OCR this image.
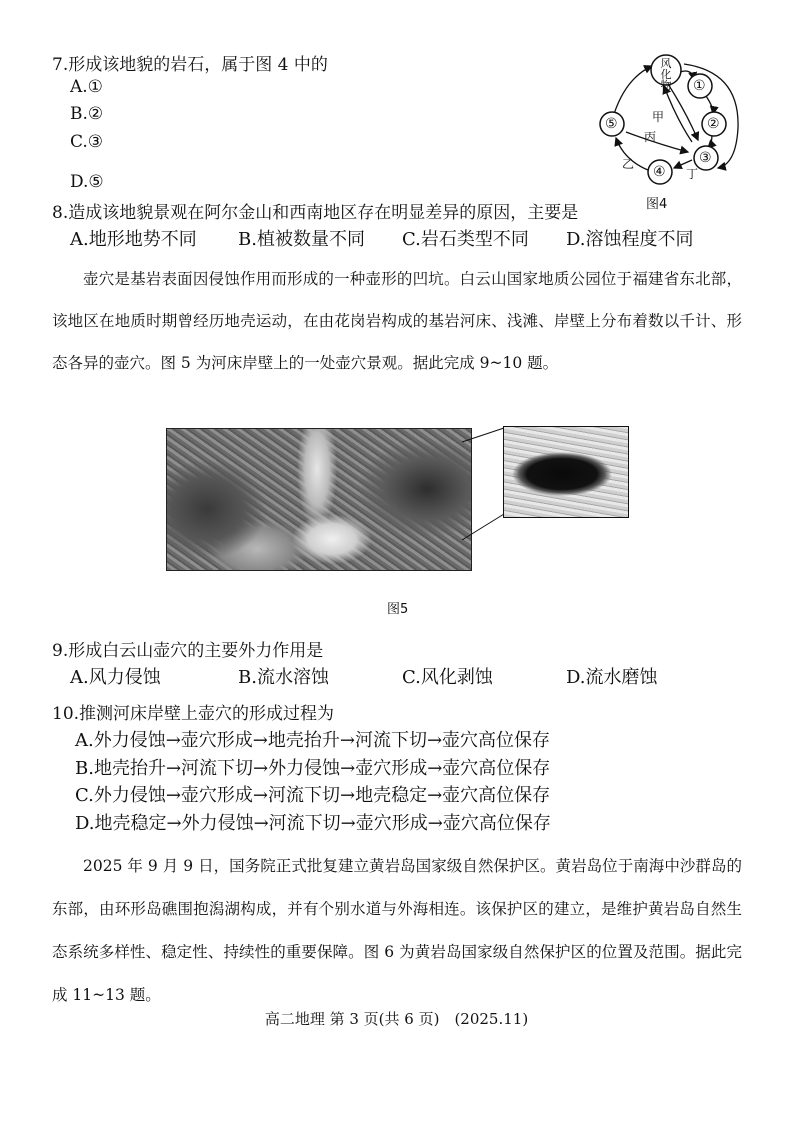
7.形成该地貌的岩石，属于图 4 中的
A.①
B.②
C.③
D.⑤
风化物	①
②
③
④
⑤	甲
丙
乙
丁
图4
8.造成该地貌景观在阿尔金山和西南地区存在明显差异的原因，主要是
A.地形地势不同 B.植被数量不同 C.岩石类型不同 D.溶蚀程度不同

壶穴是基岩表面因侵蚀作用而形成的一种壶形的凹坑。白云山国家地质公园位于福建省东北部，该地区在地质时期曾经历地壳运动，在由花岗岩构成的基岩河床、浅滩、岸壁上分布着数以千计、形态各异的壶穴。图 5 为河床岸壁上的一处壶穴景观。据此完成 9~10 题。

图5
9.形成白云山壶穴的主要外力作用是
A.风力侵蚀	B.流水溶蚀	C.风化剥蚀	D.流水磨蚀
10.推测河床岸壁上壶穴的形成过程为
A.外力侵蚀→壶穴形成→地壳抬升→河流下切→壶穴高位保存
B.地壳抬升→河流下切→外力侵蚀→壶穴形成→壶穴高位保存
C.外力侵蚀→壶穴形成→河流下切→地壳稳定→壶穴高位保存
D.地壳稳定→外力侵蚀→河流下切→壶穴形成→壶穴高位保存

2025 年 9 月 9 日，国务院正式批复建立黄岩岛国家级自然保护区。黄岩岛位于南海中沙群岛的东部，由环形岛礁围抱潟湖构成，并有个别水道与外海相连。该保护区的建立，是维护黄岩岛自然生态系统多样性、稳定性、持续性的重要保障。图 6 为黄岩岛国家级自然保护区的位置及范围。据此完成 11~13 题。

高二地理 第 3 页(共 6 页)　(2025.11)
